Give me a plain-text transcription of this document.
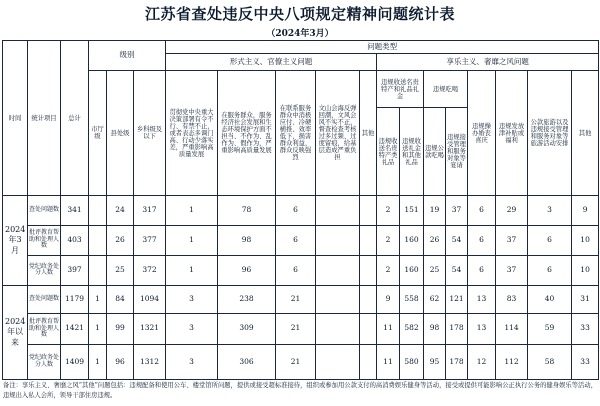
江苏省查处违反中央八项规定精神问题统计表
（2024年3月）
时间	统计项目	总计	级别			问题类型												
						形式主义、官僚主义问题					享乐主义、奢靡之风问题							
			市厅级	县处级	乡科级及以下	贯彻党中央重大决策部署有令不行、有禁不止，或者表态多调门高、行动少落实差，严重影响高质量发展	在服务群众，服务经济社会发展和生态环境保护方面不担当、不作为、乱作为、假作为，严重影响高质量发展	在联系服务群众中消极应付、冷硬横推、效率低下，损害群众利益，群众反映强烈	文山会海反弹回潮，文风会风不实不正，督查检查考核过多过频、过度留痕，给基层造成严重负担	其他	违规收送名贵特产和礼品礼金		违规吃喝		违规操办婚丧喜庆	违规发放津补贴或福利	公款旅游以及违规接受管理和服务对象等旅游活动安排	其他
											违规收送名贵特产类礼品	违规收送礼金和其他礼品	违规公款吃喝	违规接受管理和服务对象等宴请				
2024年3月	查处问题数	341		24	317	1	78	6			2	151	19	37	6	29	3	9
	批评教育帮助和处理人数	403		26	377	1	98	6			2	160	26	54	6	37	6	10
	党纪政务处分人数	397		25	372	1	96	6			2	160	25	54	6	37	6	10
2024年以来	查处问题数	1179	1	84	1094	3	238	21			9	558	62	121	13	83	40	31
	批评教育帮助和处理人数	1421	1	99	1321	3	309	21			11	582	98	178	13	114	59	33
	党纪政务处分人数	1409	1	96	1312	3	306	21			11	580	95	178	12	112	58	33
备注：享乐主义、奢靡之风“其他”问题包括：违规配备和使用公车、楼堂馆所问题，提供或接受超标准接待，组织或参加用公款支付的高消费娱乐健身等活动，接受或提供可能影响公正执行公务的健身娱乐等活动，违规出入私人会所，领导干部住房违规。
